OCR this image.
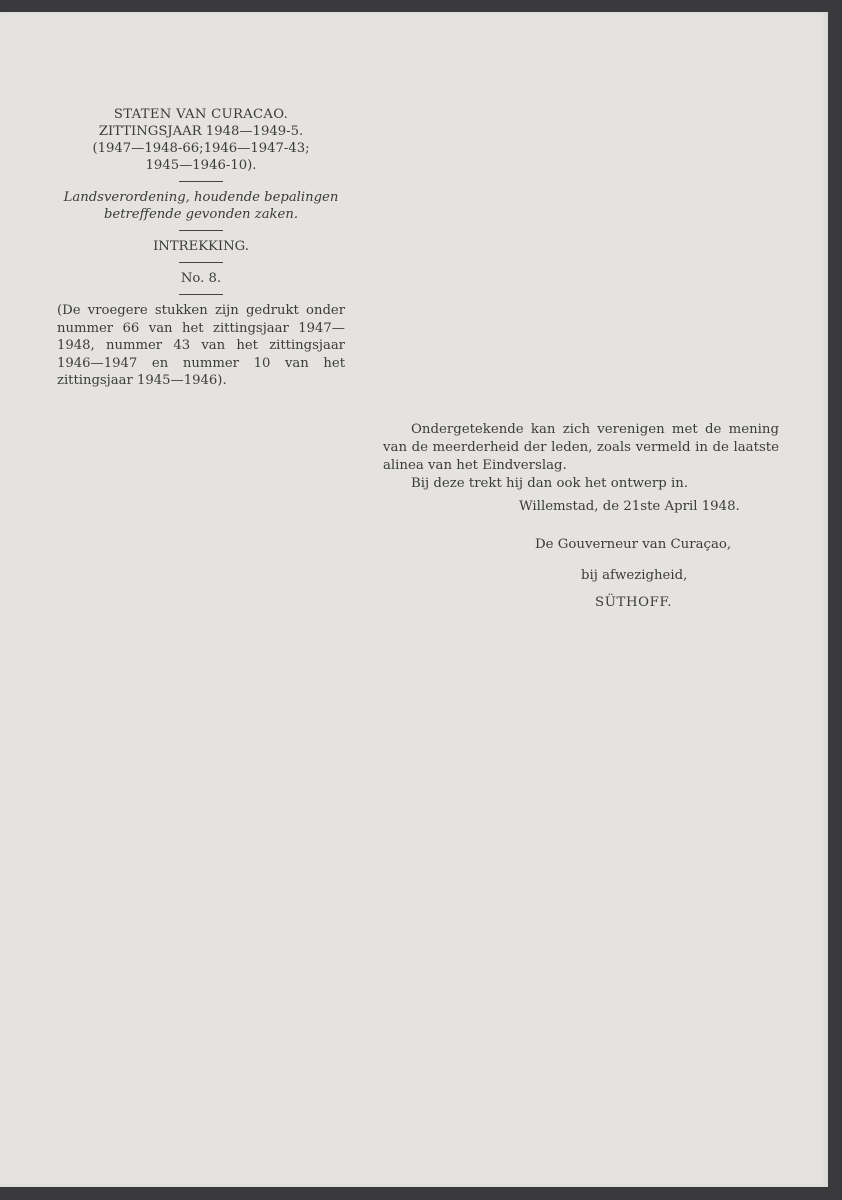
STATEN VAN CURACAO.
ZITTINGSJAAR 1948—1949-5.
(1947—1948-66;1946—1947-43;
1945—1946-10).
Landsverordening, houdende bepalingen
betreffende gevonden zaken.
INTREKKING.
No. 8.
(De vroegere stukken zijn gedrukt onder nummer 66 van het zittingsjaar 1947—1948, nummer 43 van het zittingsjaar 1946—1947 en nummer 10 van het zittingsjaar 1945—1946).

Ondergetekende kan zich verenigen met de mening van de meerderheid der leden, zoals vermeld in de laatste alinea van het Eindverslag.

Bij deze trekt hij dan ook het ontwerp in.

Willemstad, de 21ste April 1948.
De Gouverneur van Curaçao,
bij afwezigheid,
SÜTHOFF.
